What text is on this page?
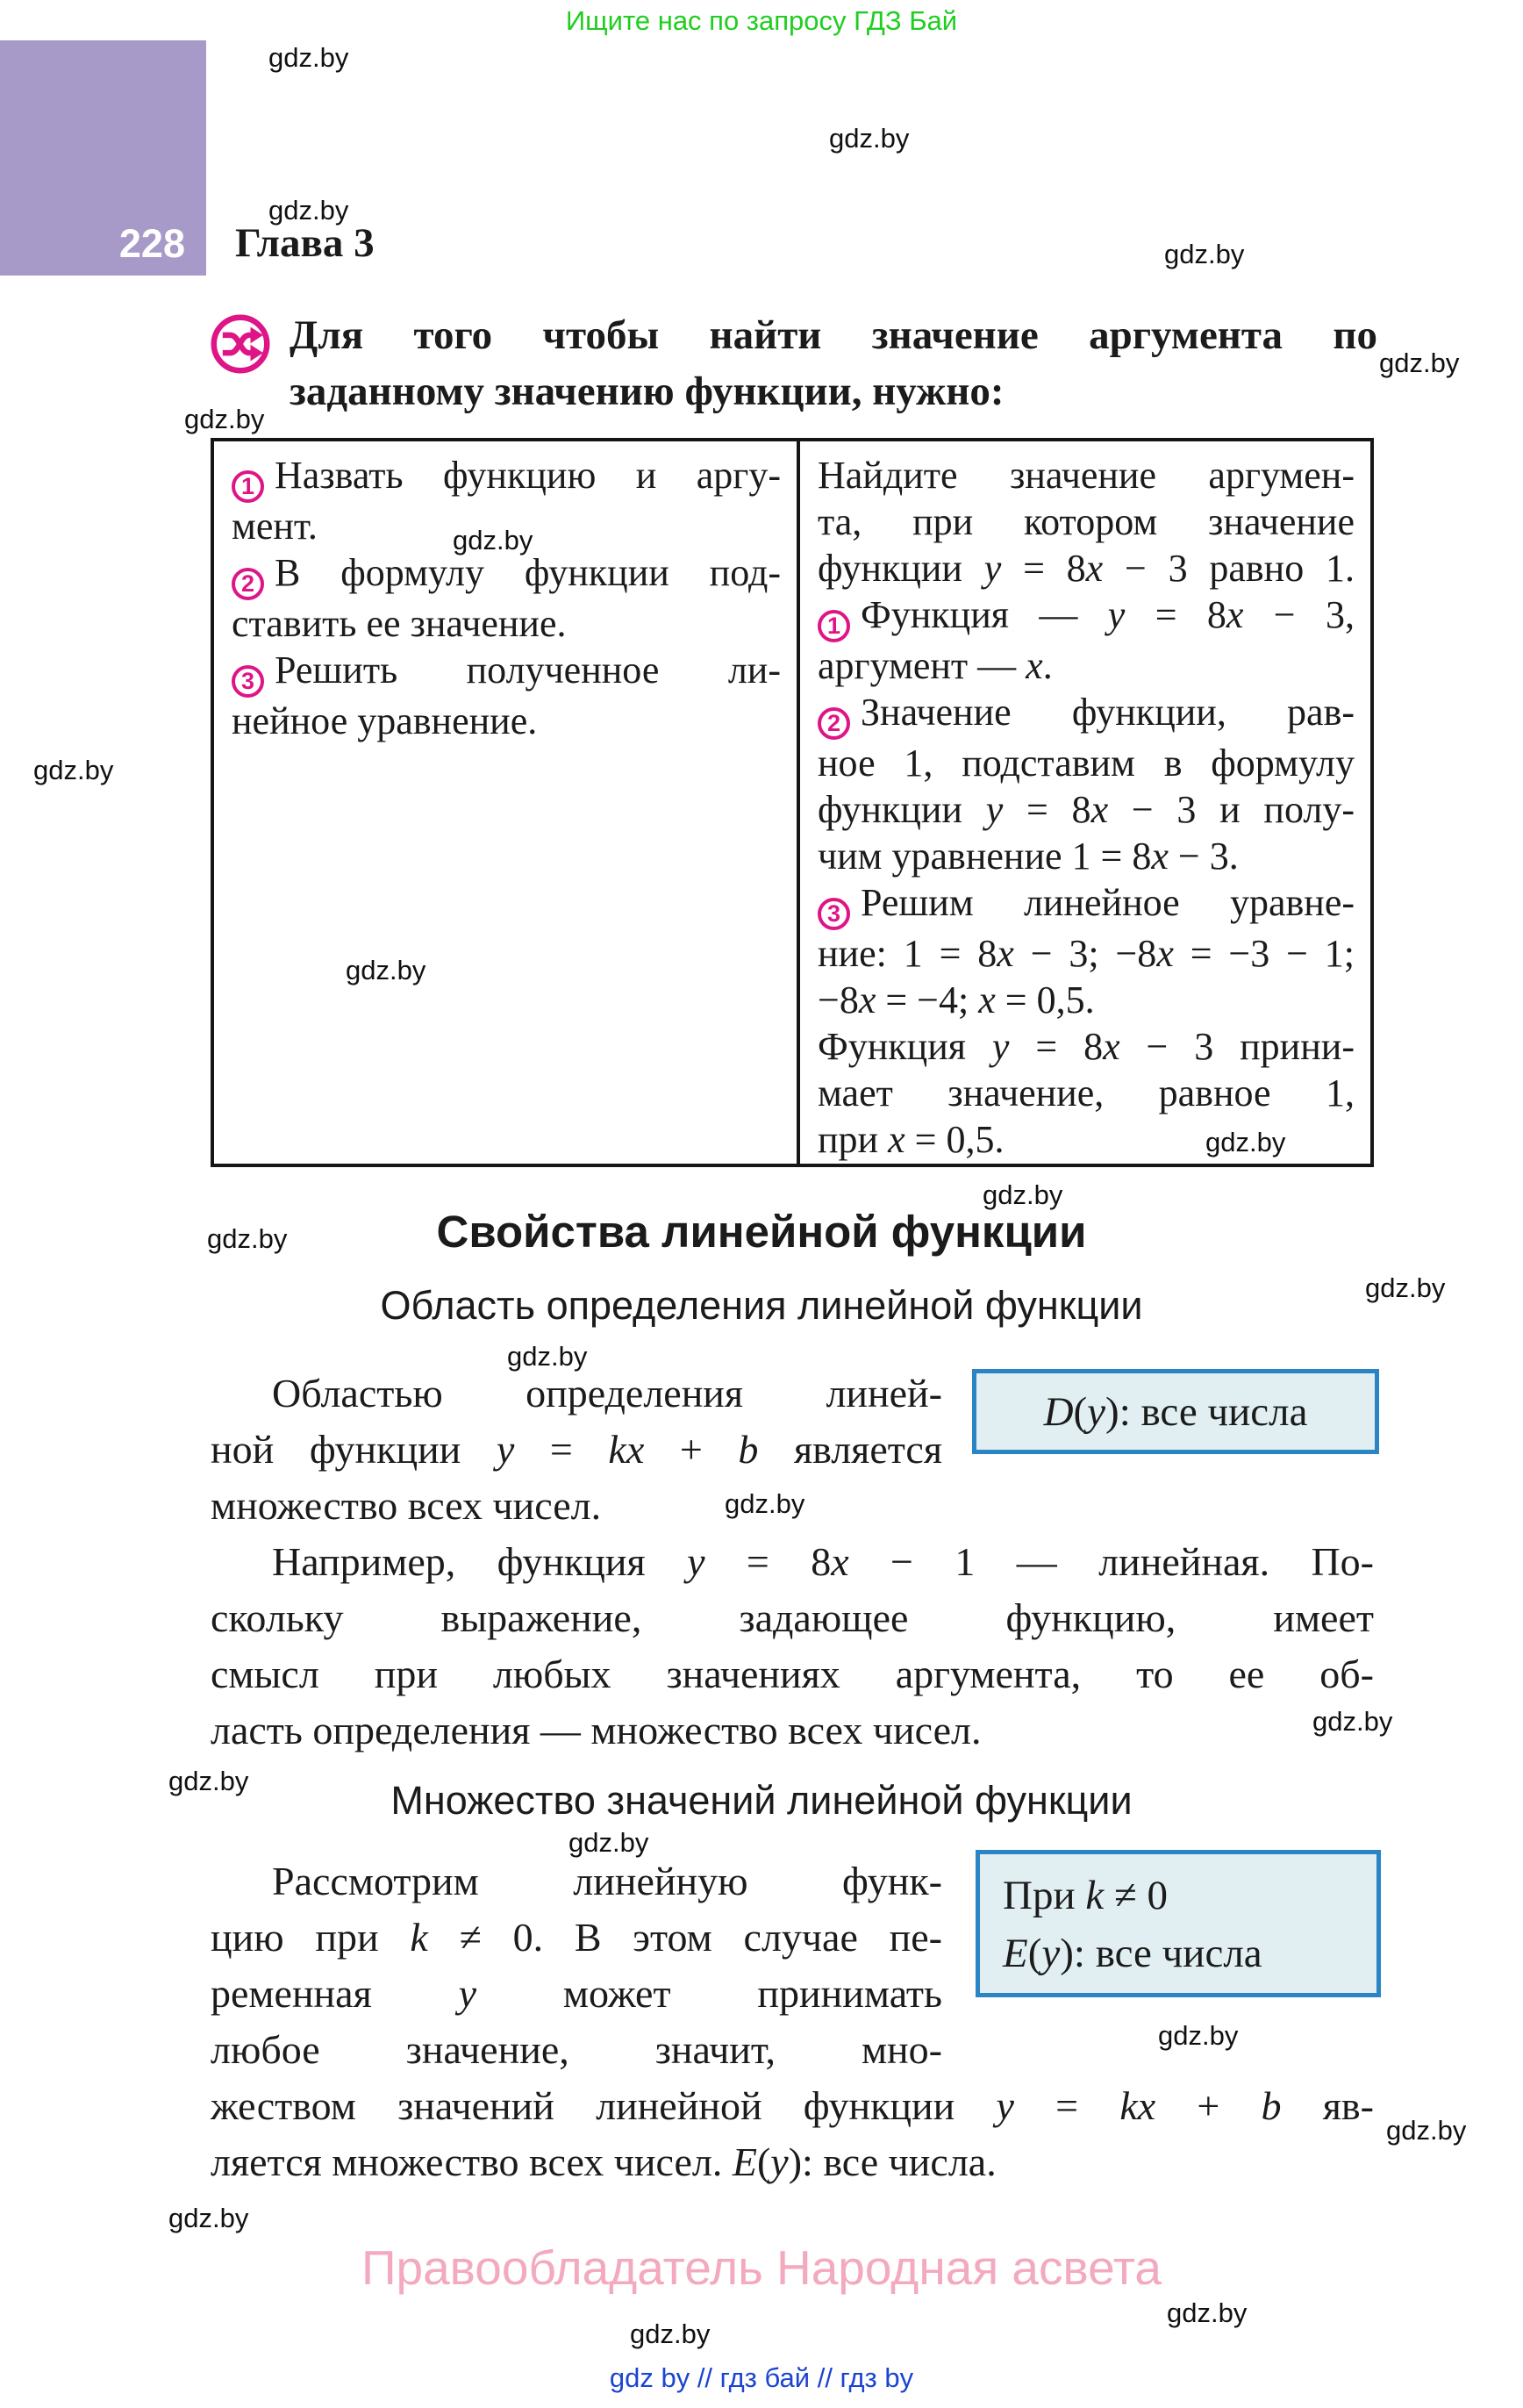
Ищите нас по запросу ГДЗ Бай
228 Глава 3
Для того чтобы найти значение аргумента по
заданному значению функции, нужно:
1 Назвать функцию и аргу-
мент.
2 В формулу функции под-
ставить ее значение.
3 Решить полученное ли-
нейное уравнение.
Найдите значение аргумен-
та, при котором значение
функции y = 8x − 3 равно 1.
1 Функция — y = 8x − 3,
аргумент — x.
2 Значение функции, рав-
ное 1, подставим в формулу
функции y = 8x − 3 и полу-
чим уравнение 1 = 8x − 3.
3 Решим линейное уравне-
ние: 1 = 8x − 3; −8x = −3 − 1;
−8x = −4; x = 0,5.
Функция y = 8x − 3 прини-
мает значение, равное 1,
при x = 0,5.
Свойства линейной функции
Область определения линейной функции
Областью определения линей-
ной функции y = kx + b является
множество всех чисел.
D(y): все числа
Например, функция y = 8x − 1 — линейная. По-
скольку выражение, задающее функцию, имеет
смысл при любых значениях аргумента, то ее об-
ласть определения — множество всех чисел.
Множество значений линейной функции
Рассмотрим линейную функ-
цию при k ≠ 0. В этом случае пе-
ременная y может принимать
любое значение, значит, мно-
При k ≠ 0
E(y): все числа
жеством значений линейной функции y = kx + b яв-
ляется множество всех чисел. E(y): все числа.
Правообладатель Народная асвета
gdz by // гдз бай // гдз by
gdz.by
gdz.by
gdz.by
gdz.by
gdz.by
gdz.by
gdz.by
gdz.by
gdz.by
gdz.by
gdz.by
gdz.by
gdz.by
gdz.by
gdz.by
gdz.by
gdz.by
gdz.by
gdz.by
gdz.by
gdz.by
gdz.by
gdz.by
